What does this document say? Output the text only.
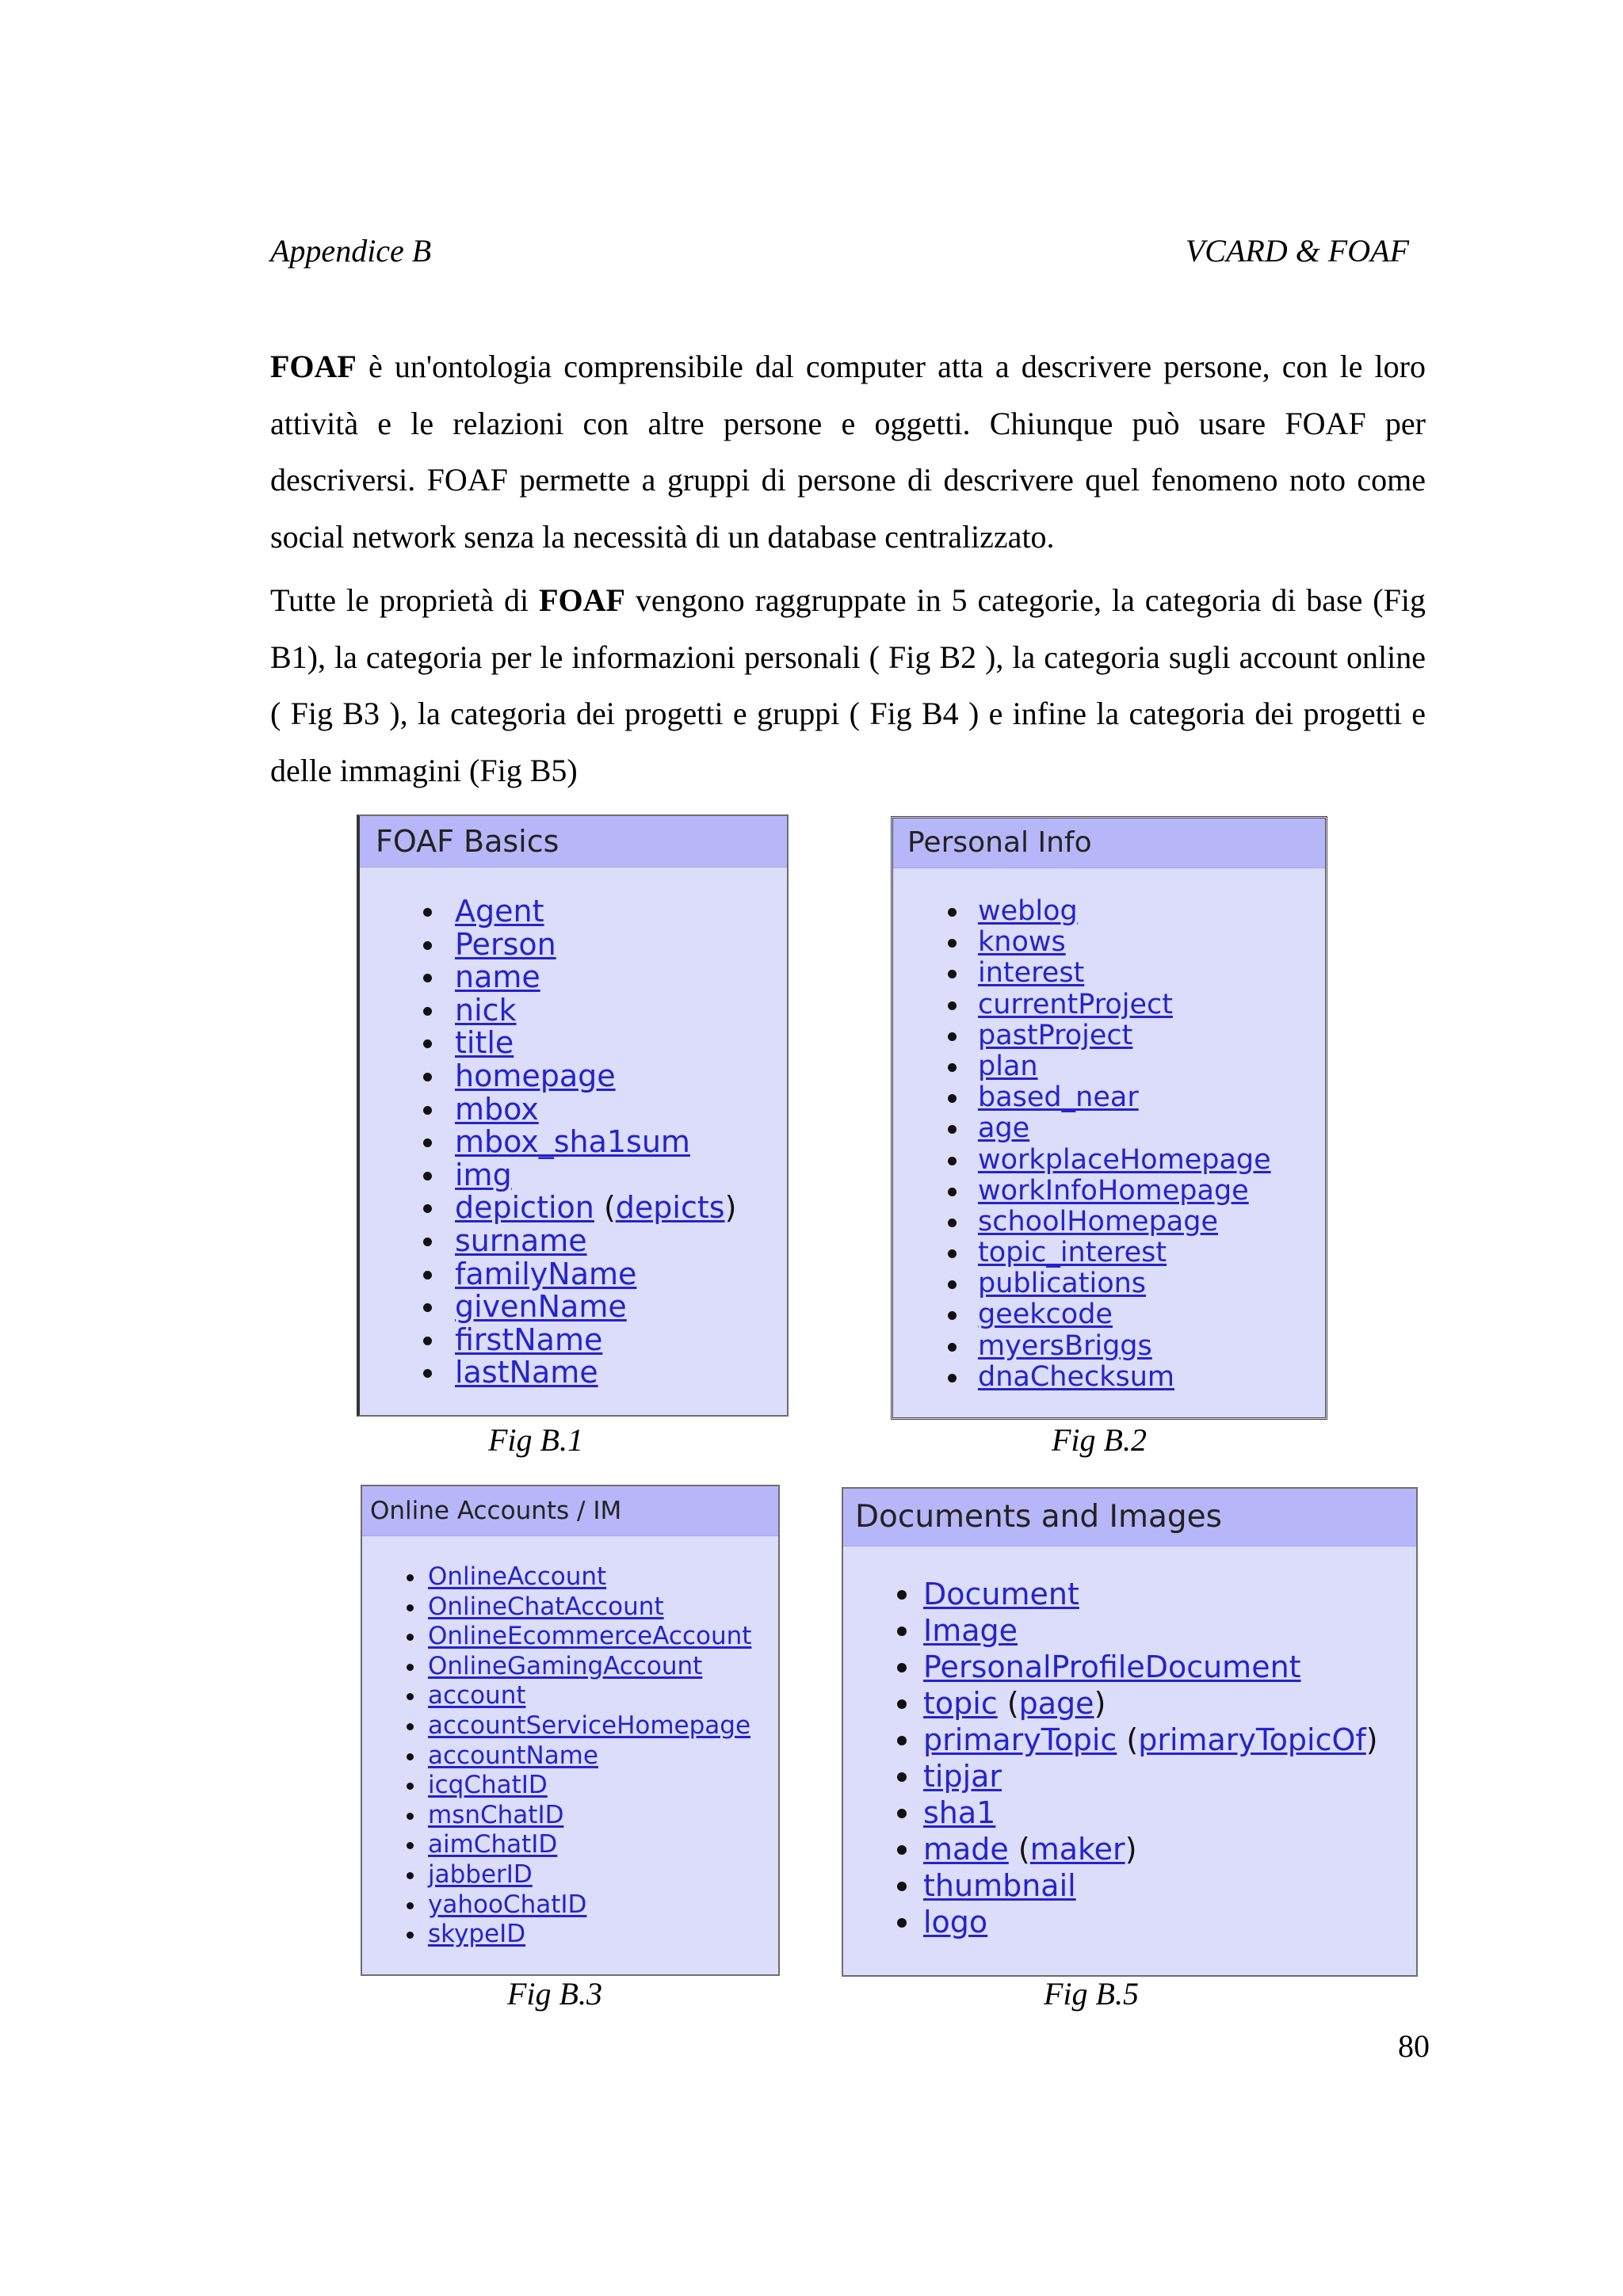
Appendice B	VCARD & FOAF

FOAF è un'ontologia comprensibile dal computer atta a descrivere persone, con le loro attività e le relazioni con altre persone e oggetti. Chiunque può usare FOAF per descriversi. FOAF permette a gruppi di persone di descrivere quel fenomeno noto come social network senza la necessità di un database centralizzato.

Tutte le proprietà di FOAF vengono raggruppate in 5 categorie, la categoria di base (Fig B1), la categoria per le informazioni personali ( Fig B2 ), la categoria sugli account online ( Fig B3 ), la categoria dei progetti e gruppi ( Fig B4 ) e infine la categoria dei progetti e delle immagini (Fig B5)

FOAF Basics
Agent
Person
name
nick
title
homepage
mbox
mbox_sha1sum
img
depiction (depicts)
surname
familyName
givenName
firstName
lastName
Personal Info
weblog
knows
interest
currentProject
pastProject
plan
based_near
age
workplaceHomepage
workInfoHomepage
schoolHomepage
topic_interest
publications
geekcode
myersBriggs
dnaChecksum
Online Accounts / IM
OnlineAccount
OnlineChatAccount
OnlineEcommerceAccount
OnlineGamingAccount
account
accountServiceHomepage
accountName
icqChatID
msnChatID
aimChatID
jabberID
yahooChatID
skypeID
Documents and Images
Document
Image
PersonalProfileDocument
topic (page)
primaryTopic (primaryTopicOf)
tipjar
sha1
made (maker)
thumbnail
logo
Fig B.1	Fig B.2
Fig B.3	Fig B.5
80
